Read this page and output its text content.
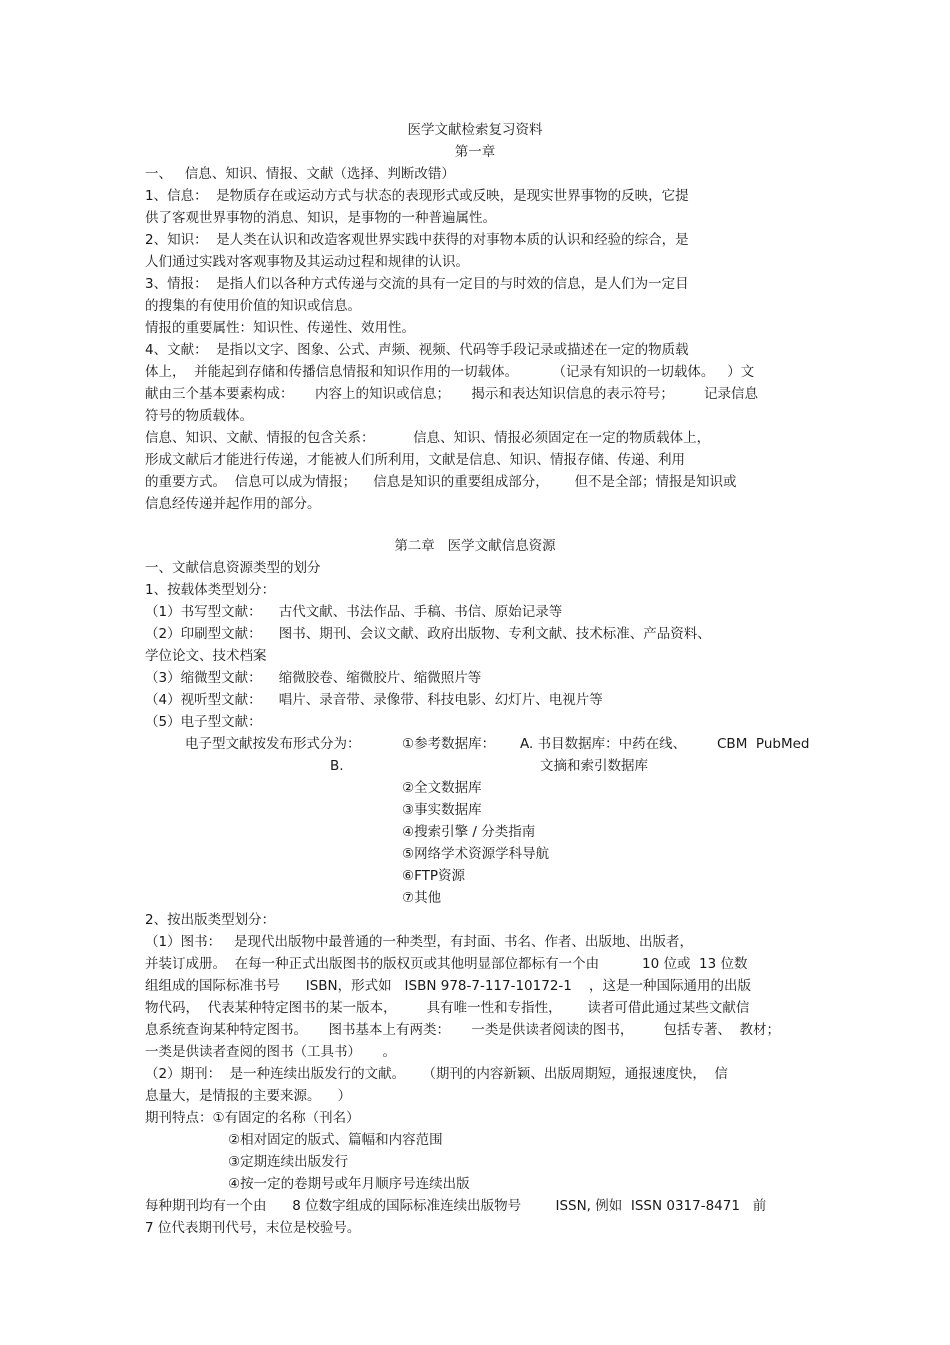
医学文献检索复习资料
第一章
一、   信息、知识、情报、文献（选择、判断改错）
1、信息：  是物质存在或运动方式与状态的表现形式或反映，是现实世界事物的反映，它提
供了客观世界事物的消息、知识，是事物的一种普遍属性。
2、知识：  是人类在认识和改造客观世界实践中获得的对事物本质的认识和经验的综合，是
人们通过实践对客观事物及其运动过程和规律的认识。
3、情报：  是指人们以各种方式传递与交流的具有一定目的与时效的信息，是人们为一定目
的搜集的有使用价值的知识或信息。
情报的重要属性：知识性、传递性、效用性。
4、文献：  是指以文字、图象、公式、声频、视频、代码等手段记录或描述在一定的物质载
体上，  并能起到存储和传播信息情报和知识作用的一切载体。        （记录有知识的一切载体。   ）文
献由三个基本要素构成：     内容上的知识或信息；     揭示和表达知识信息的表示符号；       记录信息
符号的物质载体。
信息、知识、文献、情报的包含关系：         信息、知识、情报必须固定在一定的物质载体上，
形成文献后才能进行传递，才能被人们所利用，文献是信息、知识、情报存储、传递、利用
的重要方式。  信息可以成为情报；    信息是知识的重要组成部分，      但不是全部；情报是知识或
信息经传递并起作用的部分。
第二章   医学文献信息资源
一、文献信息资源类型的划分
1、按载体类型划分：
（1）书写型文献：    古代文献、书法作品、手稿、书信、原始记录等
（2）印刷型文献：    图书、期刊、会议文献、政府出版物、专利文献、技术标准、产品资料、
学位论文、技术档案
（3）缩微型文献：    缩微胶卷、缩微胶片、缩微照片等
（4）视听型文献：    唱片、录音带、录像带、科技电影、幻灯片、电视片等
（5）电子型文献：
电子型文献按发布形式分为：	①参考数据库： A. 书目数据库：中药在线、 CBM  PubMed
B.	文摘和索引数据库
②全文数据库
③事实数据库
④搜索引擎 / 分类指南
⑤网络学术资源学科导航
⑥FTP资源
⑦其他
2、按出版类型划分：
（1）图书：   是现代出版物中最普通的一种类型，有封面、书名、作者、出版地、出版者，
并装订成册。  在每一种正式出版图书的版权页或其他明显部位都标有一个由          10 位或  13 位数
组组成的国际标准书号      ISBN，形式如   ISBN 978-7-117-10172-1    ，这是一种国际通用的出版
物代码，  代表某种特定图书的某一版本，       具有唯一性和专指性，      读者可借此通过某些文献信
息系统查询某种特定图书。     图书基本上有两类：     一类是供读者阅读的图书，       包括专著、  教材；
一类是供读者查阅的图书（工具书）     。
（2）期刊：  是一种连续出版发行的文献。    （期刊的内容新颖、出版周期短，通报速度快，  信
息量大，是情报的主要来源。    ）
期刊特点：①有固定的名称（刊名）
②相对固定的版式、篇幅和内容范围
③定期连续出版发行
④按一定的卷期号或年月顺序号连续出版
每种期刊均有一个由      8 位数字组成的国际标准连续出版物号        ISSN, 例如  ISSN 0317-8471   前
7 位代表期刊代号，末位是校验号。
